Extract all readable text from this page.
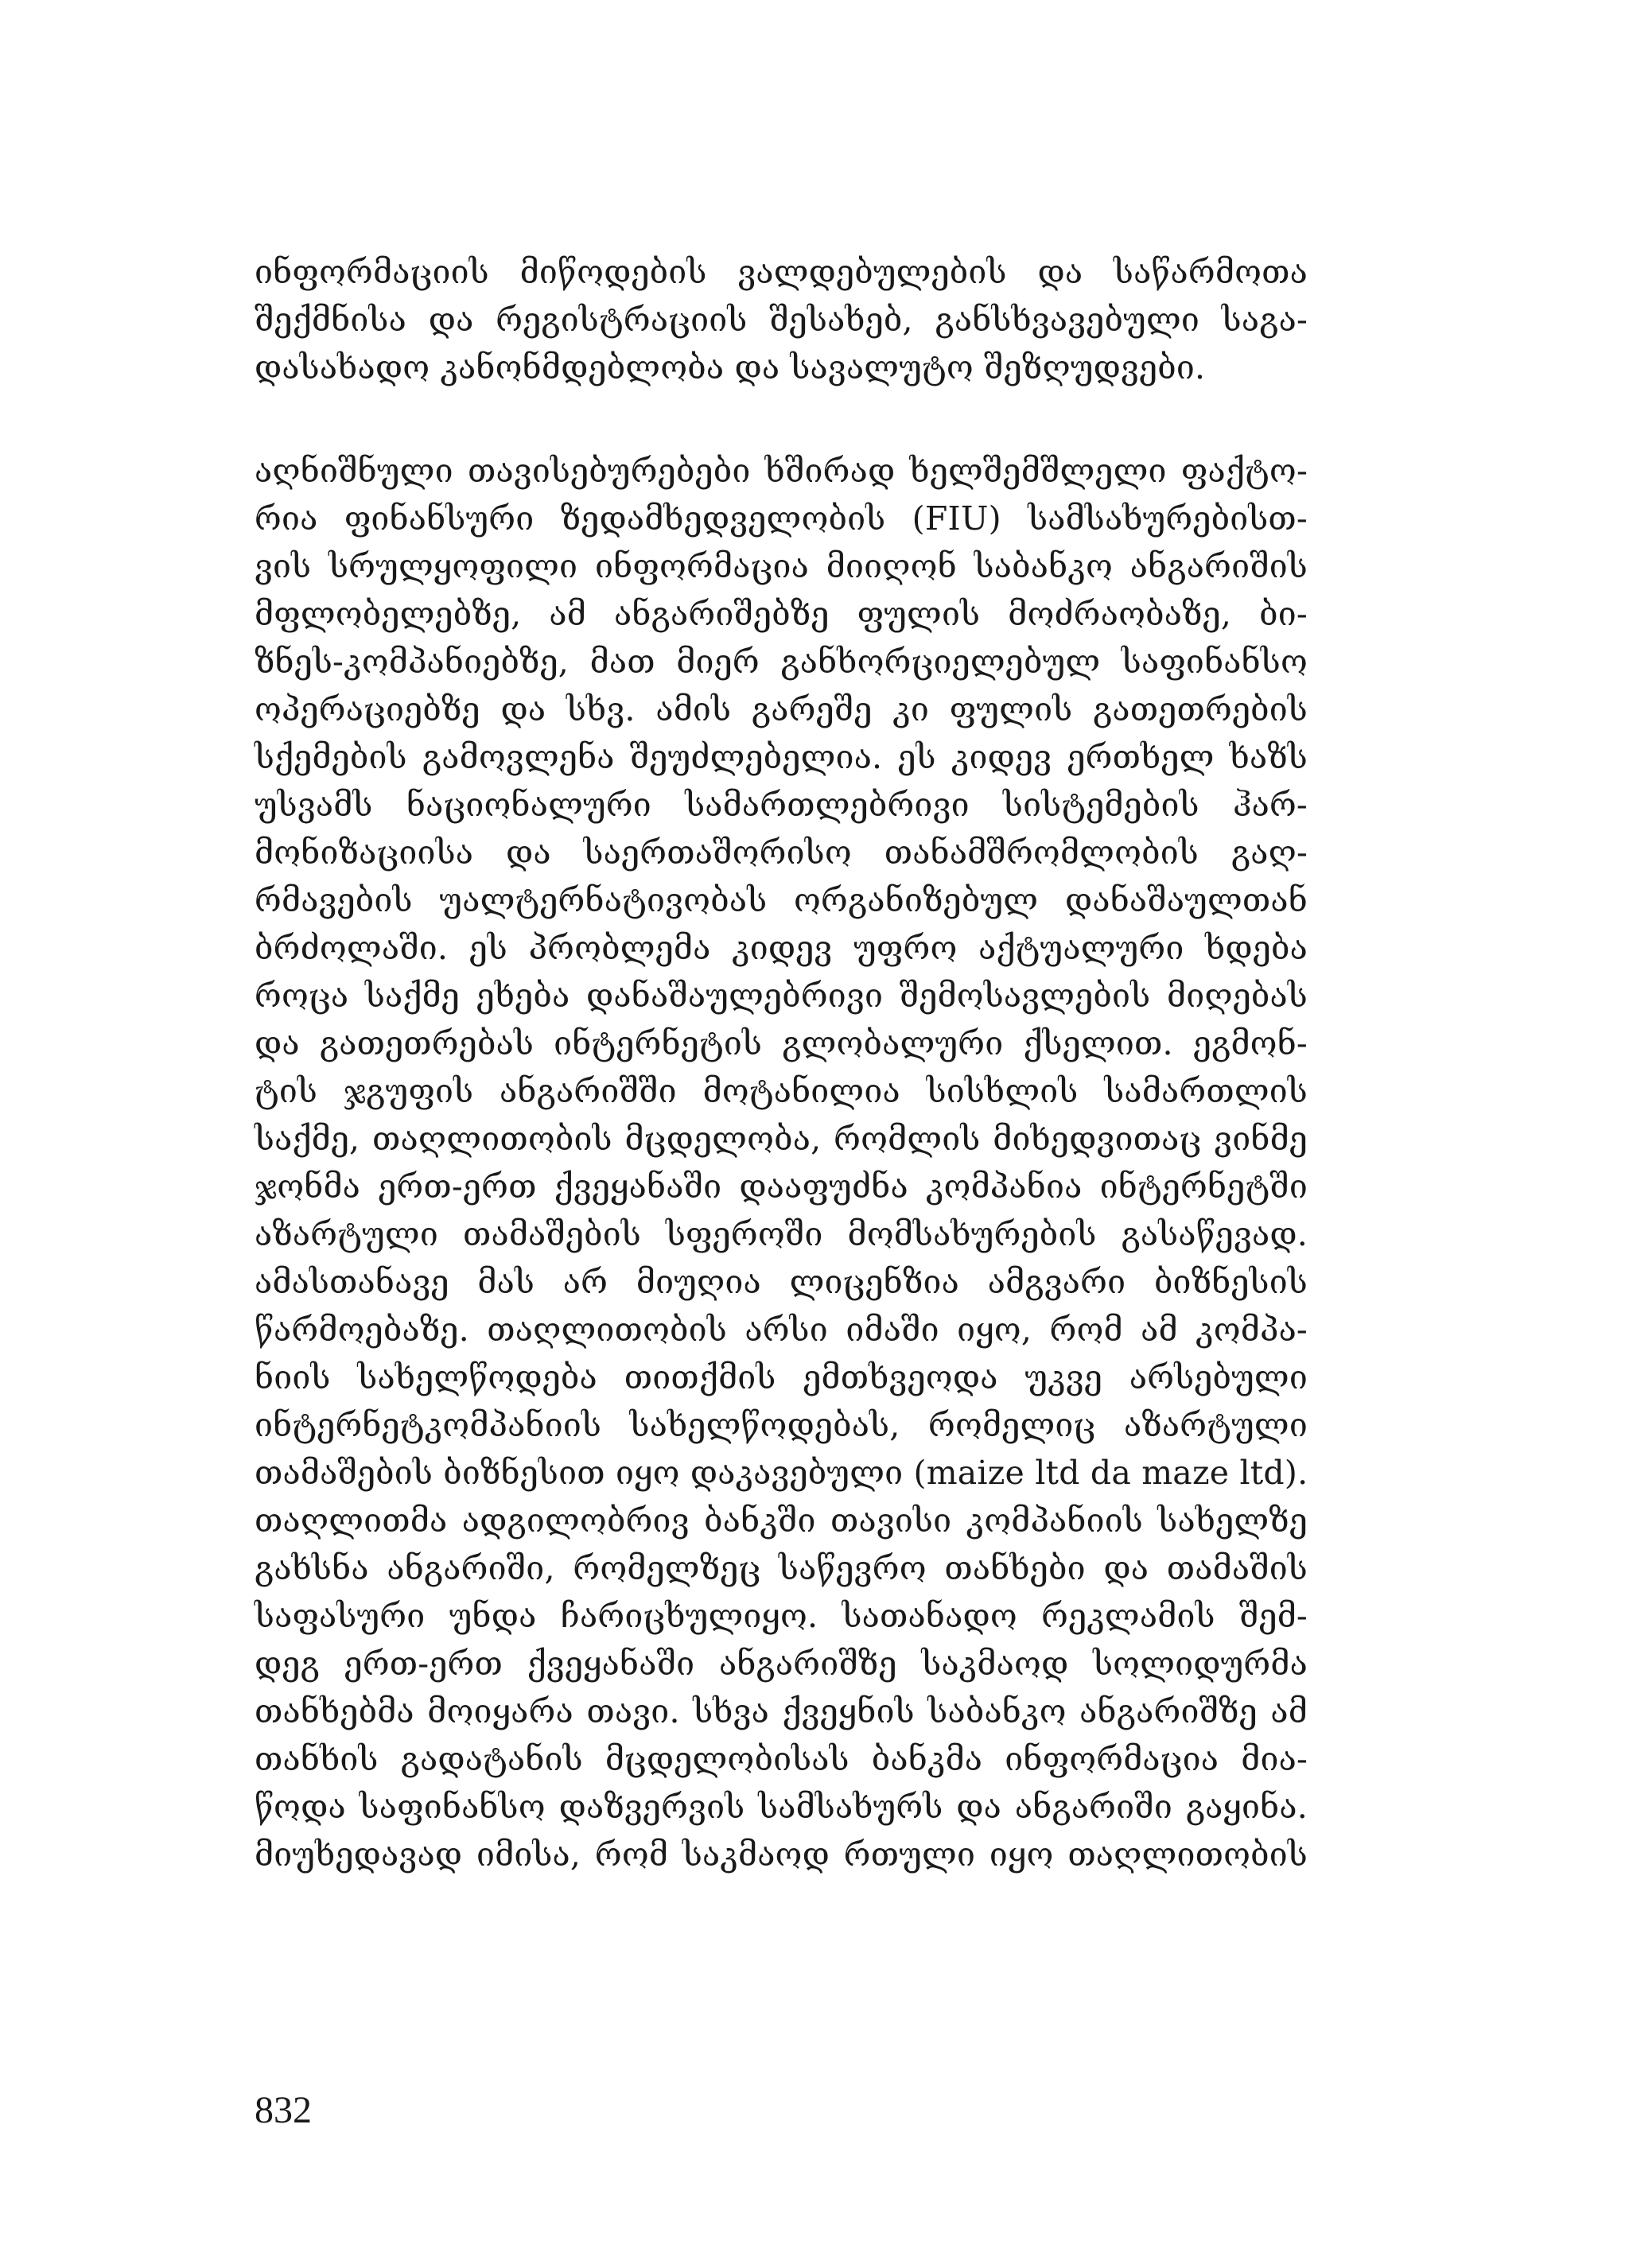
ინფორმაციის მიწოდების ვალდებულების და საწარმოთა
შექმნისა და რეგისტრაციის შესახებ, განსხვავებული საგა-
დასახადო კანონმდებლობა და სავალუტო შეზღუდვები.
აღნიშნული თავისებურებები ხშირად ხელშემშლელი ფაქტო-
რია ფინანსური ზედამხედველობის (FIU) სამსახურებისთ-
ვის სრულყოფილი ინფორმაცია მიიღონ საბანკო ანგარიშის
მფლობელებზე, ამ ანგარიშებზე ფულის მოძრაობაზე, ბი-
ზნეს-კომპანიებზე, მათ მიერ განხორციელებულ საფინანსო
ოპერაციებზე და სხვ. ამის გარეშე კი ფულის გათეთრების
სქემების გამოვლენა შეუძლებელია. ეს კიდევ ერთხელ ხაზს
უსვამს ნაციონალური სამართლებრივი სისტემების ჰარ-
მონიზაციისა და საერთაშორისო თანამშრომლობის გაღ-
რმავების უალტერნატივობას ორგანიზებულ დანაშაულთან
ბრძოლაში. ეს პრობლემა კიდევ უფრო აქტუალური ხდება
როცა საქმე ეხება დანაშაულებრივი შემოსავლების მიღებას
და გათეთრებას ინტერნეტის გლობალური ქსელით. ეგმონ-
ტის ჯგუფის ანგარიშში მოტანილია სისხლის სამართლის
საქმე, თაღლითობის მცდელობა, რომლის მიხედვითაც ვინმე
ჯონმა ერთ-ერთ ქვეყანაში დააფუძნა კომპანია ინტერნეტში
აზარტული თამაშების სფეროში მომსახურების გასაწევად.
ამასთანავე მას არ მიუღია ლიცენზია ამგვარი ბიზნესის
წარმოებაზე. თაღლითობის არსი იმაში იყო, რომ ამ კომპა-
ნიის სახელწოდება თითქმის ემთხვეოდა უკვე არსებული
ინტერნეტკომპანიის სახელწოდებას, რომელიც აზარტული
თამაშების ბიზნესით იყო დაკავებული (maize ltd da maze ltd).
თაღლითმა ადგილობრივ ბანკში თავისი კომპანიის სახელზე
გახსნა ანგარიში, რომელზეც საწევრო თანხები და თამაშის
საფასური უნდა ჩარიცხულიყო. სათანადო რეკლამის შემ-
დეგ ერთ-ერთ ქვეყანაში ანგარიშზე საკმაოდ სოლიდურმა
თანხებმა მოიყარა თავი. სხვა ქვეყნის საბანკო ანგარიშზე ამ
თანხის გადატანის მცდელობისას ბანკმა ინფორმაცია მია-
წოდა საფინანსო დაზვერვის სამსახურს და ანგარიში გაყინა.
მიუხედავად იმისა, რომ საკმაოდ რთული იყო თაღლითობის
832
